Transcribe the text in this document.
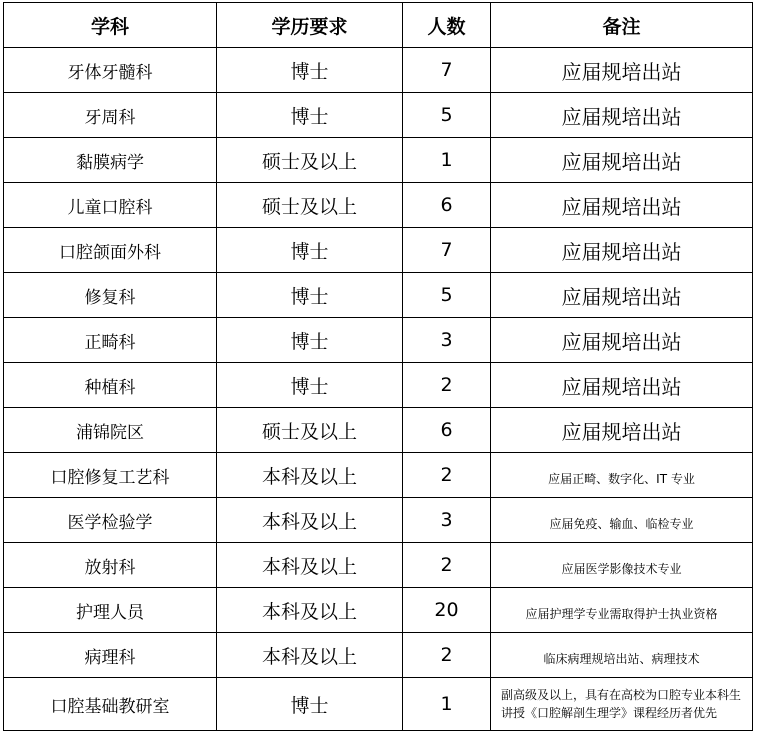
学科	学历要求	人数	备注
牙体牙髓科	博士	7	应届规培出站
牙周科	博士	5	应届规培出站
黏膜病学	硕士及以上	1	应届规培出站
儿童口腔科	硕士及以上	6	应届规培出站
口腔颌面外科	博士	7	应届规培出站
修复科	博士	5	应届规培出站
正畸科	博士	3	应届规培出站
种植科	博士	2	应届规培出站
浦锦院区	硕士及以上	6	应届规培出站
口腔修复工艺科	本科及以上	2	应届正畸、数字化、IT 专业
医学检验学	本科及以上	3	应届免疫、输血、临检专业
放射科	本科及以上	2	应届医学影像技术专业
护理人员	本科及以上	20	应届护理学专业需取得护士执业资格
病理科	本科及以上	2	临床病理规培出站、病理技术
口腔基础教研室	博士	1	副高级及以上，具有在高校为口腔专业本科生讲授《口腔解剖生理学》课程经历者优先
